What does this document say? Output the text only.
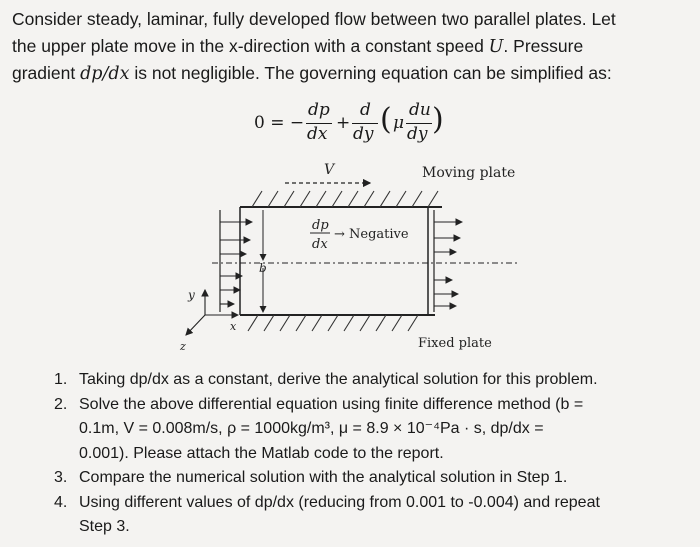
Consider steady, laminar, fully developed flow between two parallel plates. Let
the upper plate move in the x-direction with a constant speed U. Pressure
gradient dp/dx is not negligible. The governing equation can be simplified as:
0 = −
dp
dx
+
d
dy ( μ
du
dy )
V	Moving plate
b
dp
dx
→ Negative
y
x
z	Fixed plate
1. Taking dp/dx as a constant, derive the analytical solution for this problem.
2. Solve the above differential equation using finite difference method (b =
0.1m, V = 0.008m/s, ρ = 1000kg/m³, μ = 8.9 × 10⁻⁴Pa · s, dp/dx =
0.001). Please attach the Matlab code to the report.
3. Compare the numerical solution with the analytical solution in Step 1.
4. Using different values of dp/dx (reducing from 0.001 to -0.004) and repeat
Step 3.
